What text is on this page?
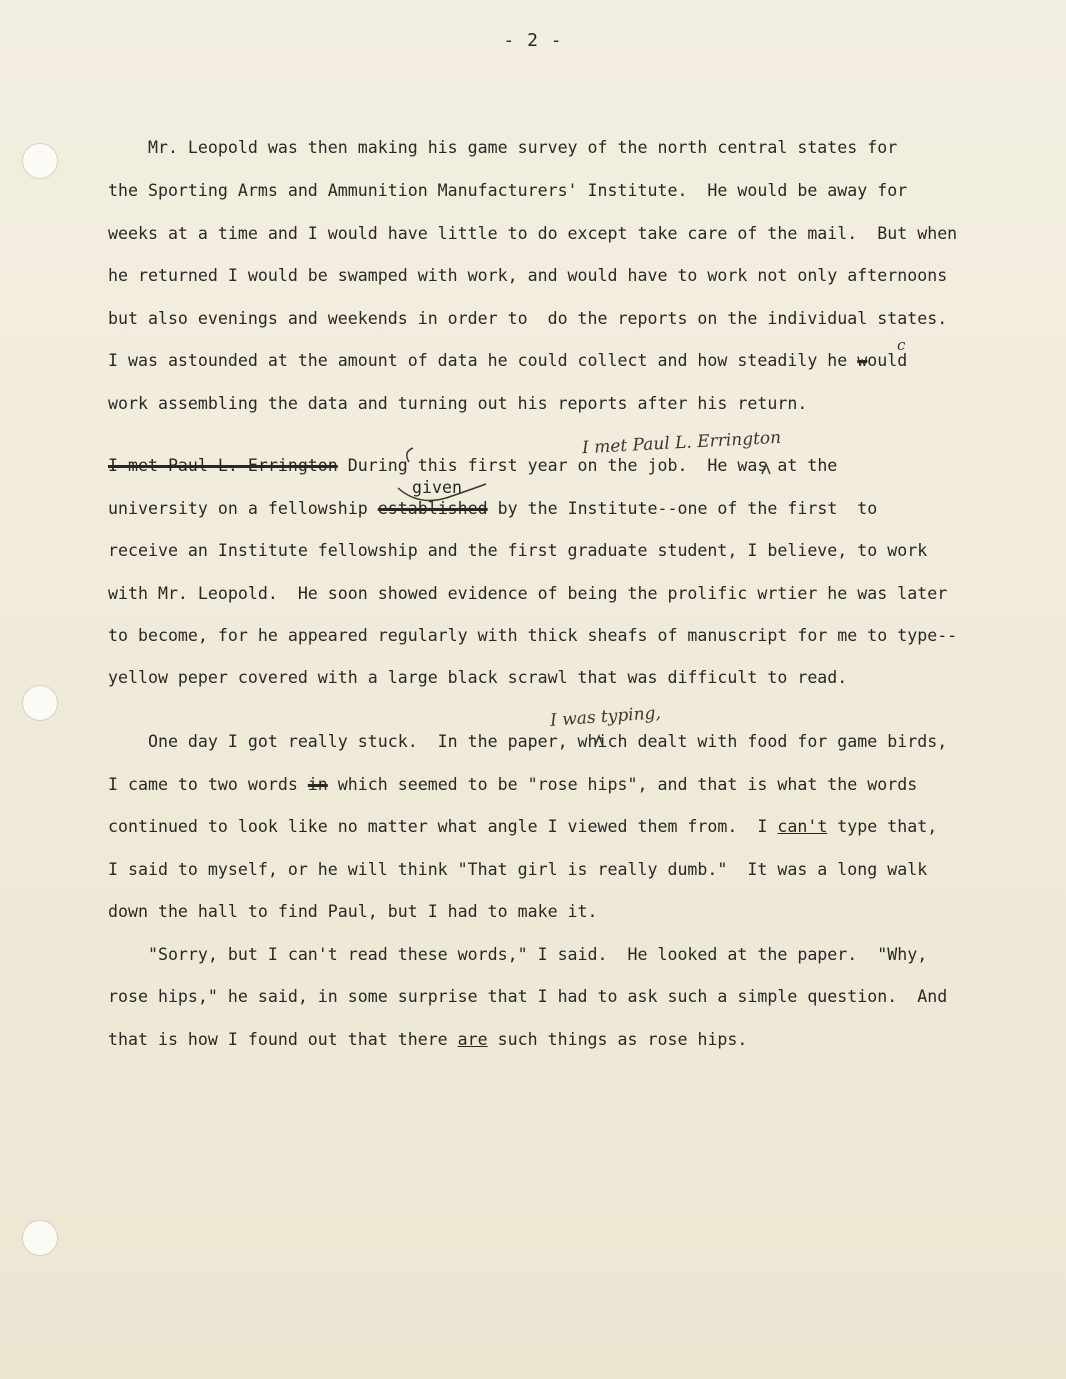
- 2 -
Mr. Leopold was then making his game survey of the north central states for
the Sporting Arms and Ammunition Manufacturers' Institute.  He would be away for
weeks at a time and I would have little to do except take care of the mail.  But when
he returned I would be swamped with work, and would have to work not only afternoons
but also evenings and weekends in order to  do the reports on the individual states.
I was astounded at the amount of data he could collect and how steadily he would
c
work assembling the data and turning out his reports after his return.
I met Paul L. Errington
I met Paul L. Errington During this first year on the job.  He was at the
given
university on a fellowship established by the Institute--one of the first  to
receive an Institute fellowship and the first graduate student, I believe, to work
with Mr. Leopold.  He soon showed evidence of being the prolific wrtier he was later
to become, for he appeared regularly with thick sheafs of manuscript for me to type--
yellow peper covered with a large black scrawl that was difficult to read.
I was typing,
One day I got really stuck.  In the paper, which dealt with food for game birds,
I came to two words in which seemed to be "rose hips", and that is what the words
continued to look like no matter what angle I viewed them from.  I can't type that,
I said to myself, or he will think "That girl is really dumb."  It was a long walk
down the hall to find Paul, but I had to make it.
"Sorry, but I can't read these words," I said.  He looked at the paper.  "Why,
rose hips," he said, in some surprise that I had to ask such a simple question.  And
that is how I found out that there are such things as rose hips.
